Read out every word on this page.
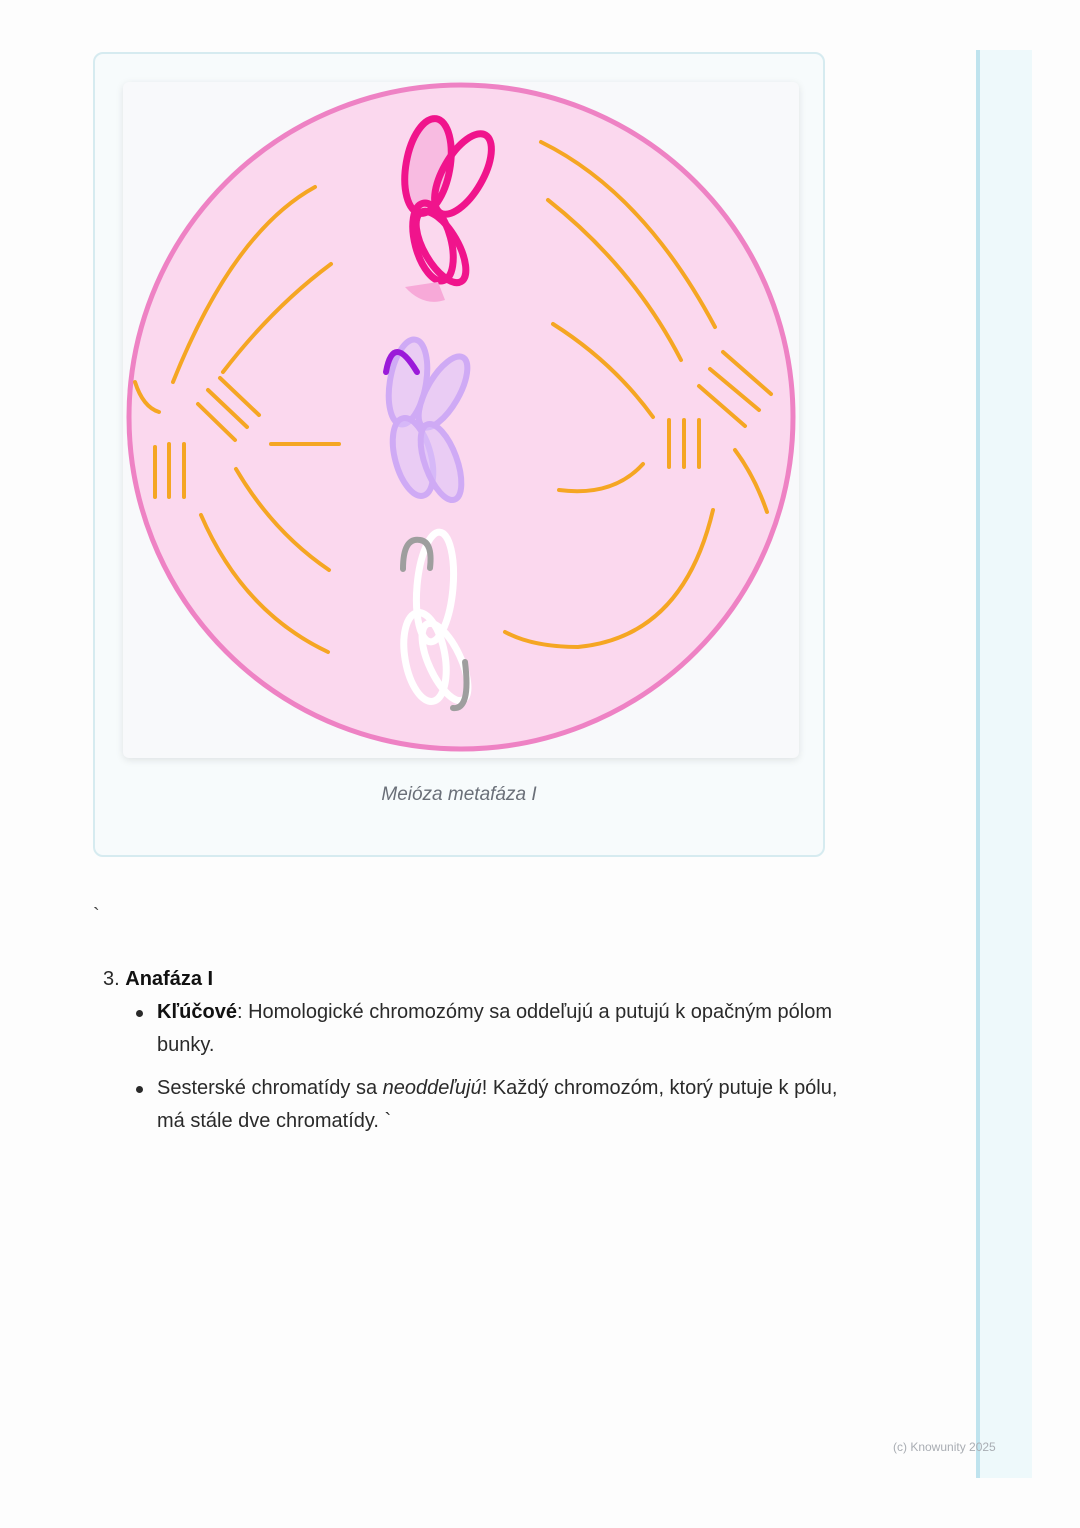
Meióza metafáza I
`
3. Anafáza I
Kľúčové: Homologické chromozómy sa oddeľujú a putujú k opačným pólom bunky.
Sesterské chromatídy sa neoddeľujú! Každý chromozóm, ktorý putuje k pólu, má stále dve chromatídy. `
(c) Knowunity 2025
